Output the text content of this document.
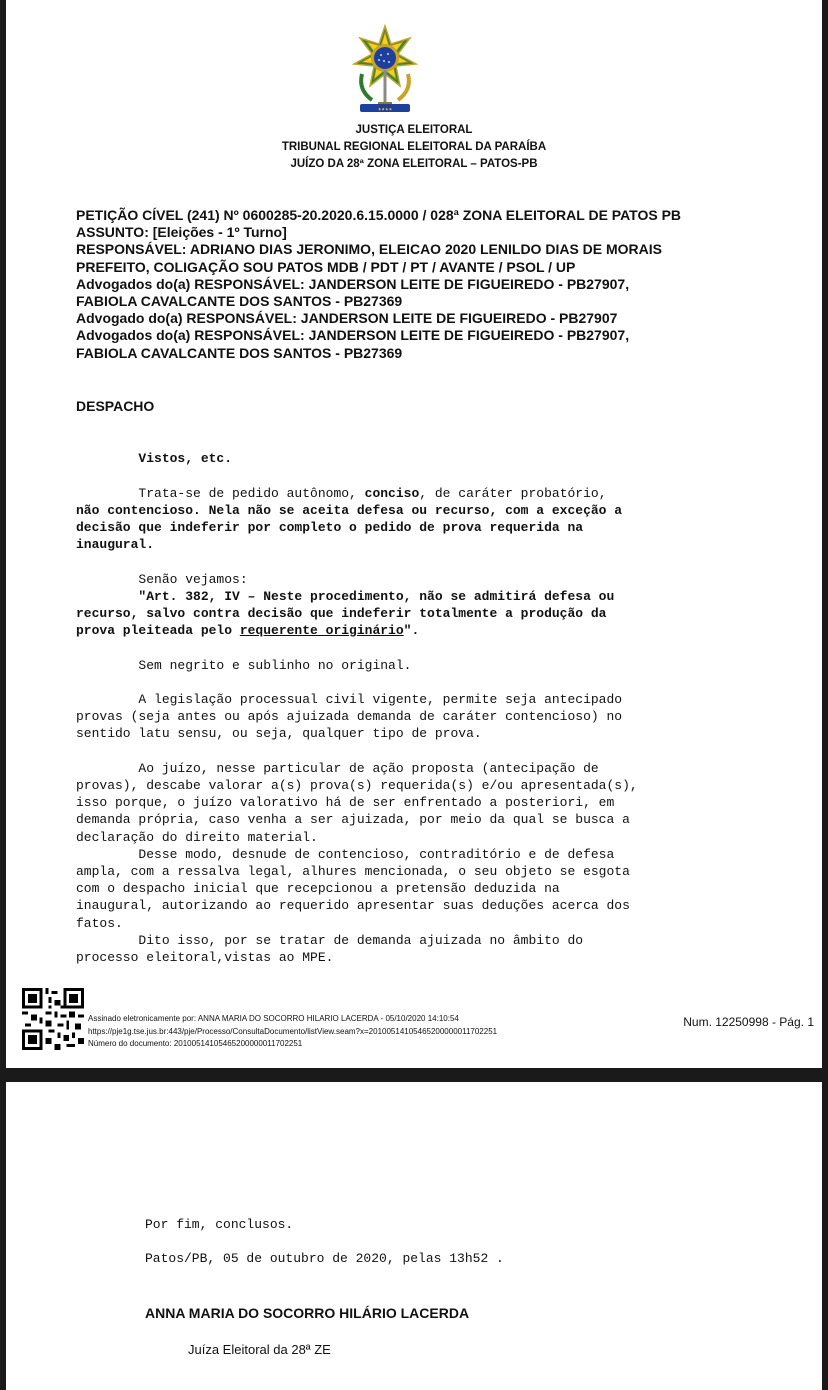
★★★★
JUSTIÇA ELEITORAL
TRIBUNAL REGIONAL ELEITORAL DA PARAÍBA
JUÍZO DA 28ª ZONA ELEITORAL – PATOS-PB
PETIÇÃO CÍVEL (241) Nº 0600285-20.2020.6.15.0000 / 028ª ZONA ELEITORAL DE PATOS PB
ASSUNTO: [Eleições - 1º Turno]
RESPONSÁVEL: ADRIANO DIAS JERONIMO, ELEICAO 2020 LENILDO DIAS DE MORAIS
PREFEITO, COLIGAÇÃO SOU PATOS MDB / PDT / PT / AVANTE / PSOL / UP
Advogados do(a) RESPONSÁVEL: JANDERSON LEITE DE FIGUEIREDO - PB27907,
FABIOLA CAVALCANTE DOS SANTOS - PB27369
Advogado do(a) RESPONSÁVEL: JANDERSON LEITE DE FIGUEIREDO - PB27907
Advogados do(a) RESPONSÁVEL: JANDERSON LEITE DE FIGUEIREDO - PB27907,
FABIOLA CAVALCANTE DOS SANTOS - PB27369
DESPACHO

Vistos, etc.
Trata-se de pedido autônomo, conciso, de caráter probatório,
não contencioso. Nela não se aceita defesa ou recurso, com a exceção a
decisão que indeferir por completo o pedido de prova requerida na
inaugural.
Senão vejamos:
"Art. 382, IV – Neste procedimento, não se admitirá defesa ou
recurso, salvo contra decisão que indeferir totalmente a produção da
prova pleiteada pelo requerente originário".
Sem negrito e sublinho no original.
A legislação processual civil vigente, permite seja antecipado
provas (seja antes ou após ajuizada demanda de caráter contencioso) no
sentido latu sensu, ou seja, qualquer tipo de prova.
Ao juízo, nesse particular de ação proposta (antecipação de
provas), descabe valorar a(s) prova(s) requerida(s) e/ou apresentada(s),
isso porque, o juízo valorativo há de ser enfrentado a posteriori, em
demanda própria, caso venha a ser ajuizada, por meio da qual se busca a
declaração do direito material.
Desse modo, desnude de contencioso, contraditório e de defesa
ampla, com a ressalva legal, alhures mencionada, o seu objeto se esgota
com o despacho inicial que recepcionou a pretensão deduzida na
inaugural, autorizando ao requerido apresentar suas deduções acerca dos
fatos.
Dito isso, por se tratar de demanda ajuizada no âmbito do
processo eleitoral,vistas ao MPE.

Assinado eletronicamente por: ANNA MARIA DO SOCORRO HILARIO LACERDA - 05/10/2020 14:10:54
https://pje1g.tse.jus.br:443/pje/Processo/ConsultaDocumento/listView.seam?x=20100514105465200000011702251
Número do documento: 20100514105465200000011702251
Num. 12250998 - Pág. 1
Por fim, conclusos.
Patos/PB, 05 de outubro de 2020, pelas 13h52 .
ANNA MARIA DO SOCORRO HILÁRIO LACERDA
Juíza Eleitoral da 28ª ZE
